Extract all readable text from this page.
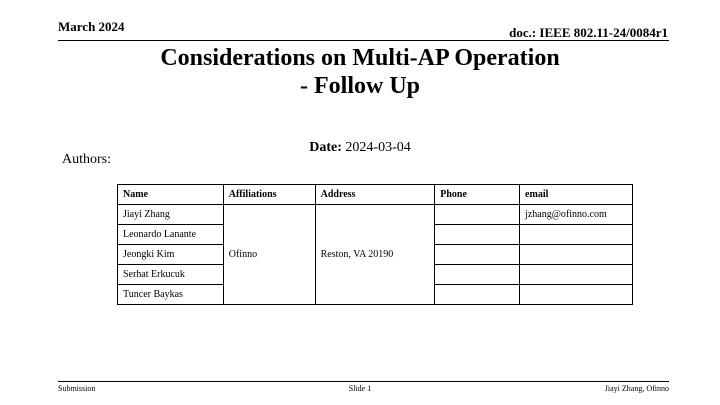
March 2024	doc.: IEEE 802.11-24/0084r1
Considerations on Multi-AP Operation
- Follow Up
Date: 2024-03-04
Authors:
Name	Affiliations	Address	Phone	email
Jiayi Zhang	Ofinno	Reston, VA 20190		jzhang@ofinno.com
Leonardo Lanante				
Jeongki Kim				
Serhat Erkucuk				
Tuncer Baykas				
Submission	Slide 1	Jiayi Zhang, Ofinno
